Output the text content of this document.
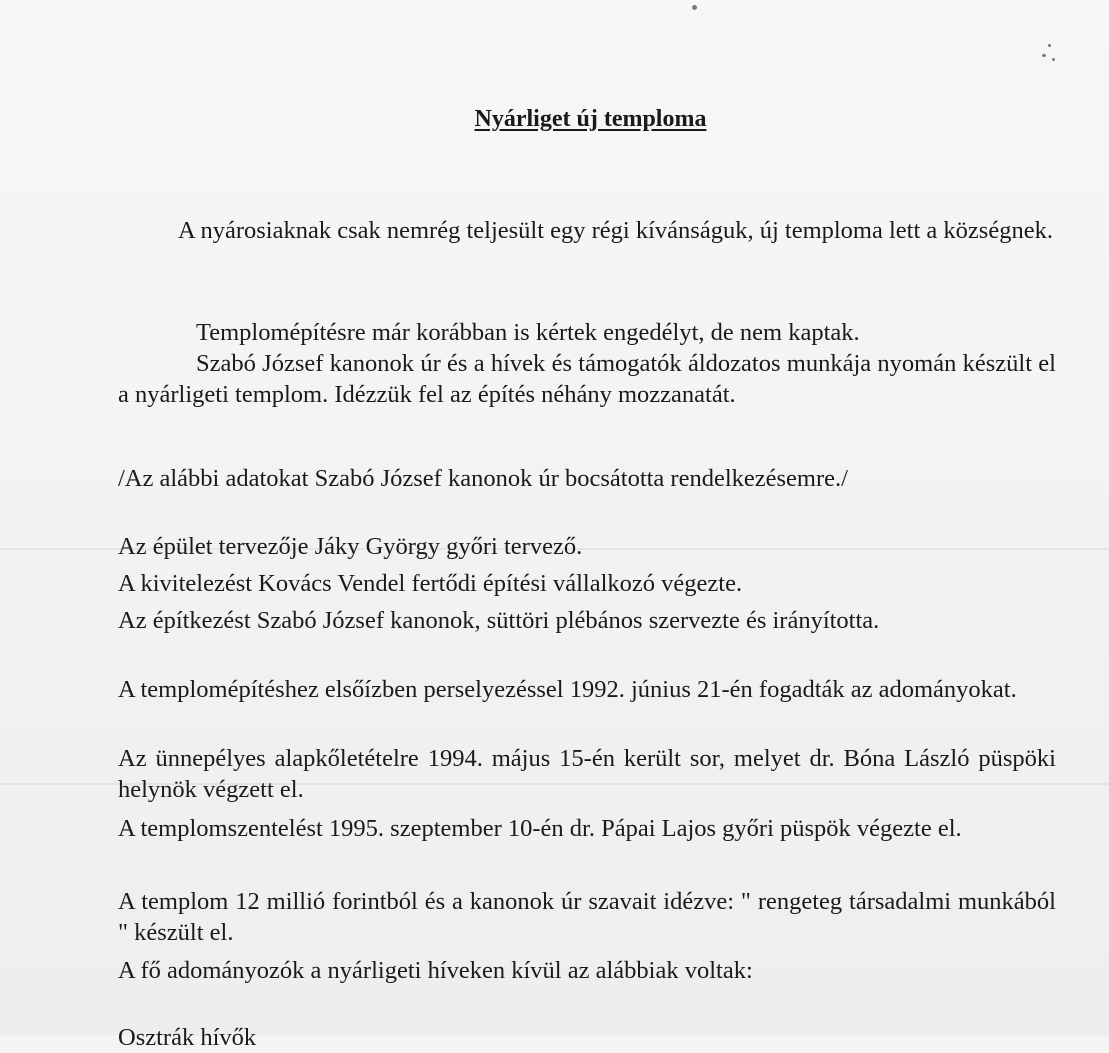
Nyárliget új temploma

A nyárosiaknak csak nemrég teljesült egy régi kívánságuk, új temploma lett a községnek.

Templomépítésre már korábban is kértek engedélyt, de nem kaptak.

Szabó József kanonok úr és a hívek és támogatók áldozatos munkája nyomán készült el a nyárligeti templom. Idézzük fel az építés néhány mozzanatát.

/Az alábbi adatokat Szabó József kanonok úr bocsátotta rendelkezésemre./

Az épület tervezője Jáky György győri tervező.

A kivitelezést Kovács Vendel fertődi építési vállalkozó végezte.

Az építkezést Szabó József kanonok, süttöri plébános szervezte és irányította.

A templomépítéshez elsőízben perselyezéssel 1992. június 21-én fogadták az adományokat.

Az ünnepélyes alapkőletételre 1994. május 15-én került sor, melyet dr. Bóna László püspöki helynök végzett el.

A templomszentelést 1995. szeptember 10-én dr. Pápai Lajos győri püspök végezte el.

A templom 12 millió forintból és a kanonok úr szavait idézve: " rengeteg társadalmi munkából " készült el.

A fő adományozók a nyárligeti híveken kívül az alábbiak voltak:

Osztrák hívők
